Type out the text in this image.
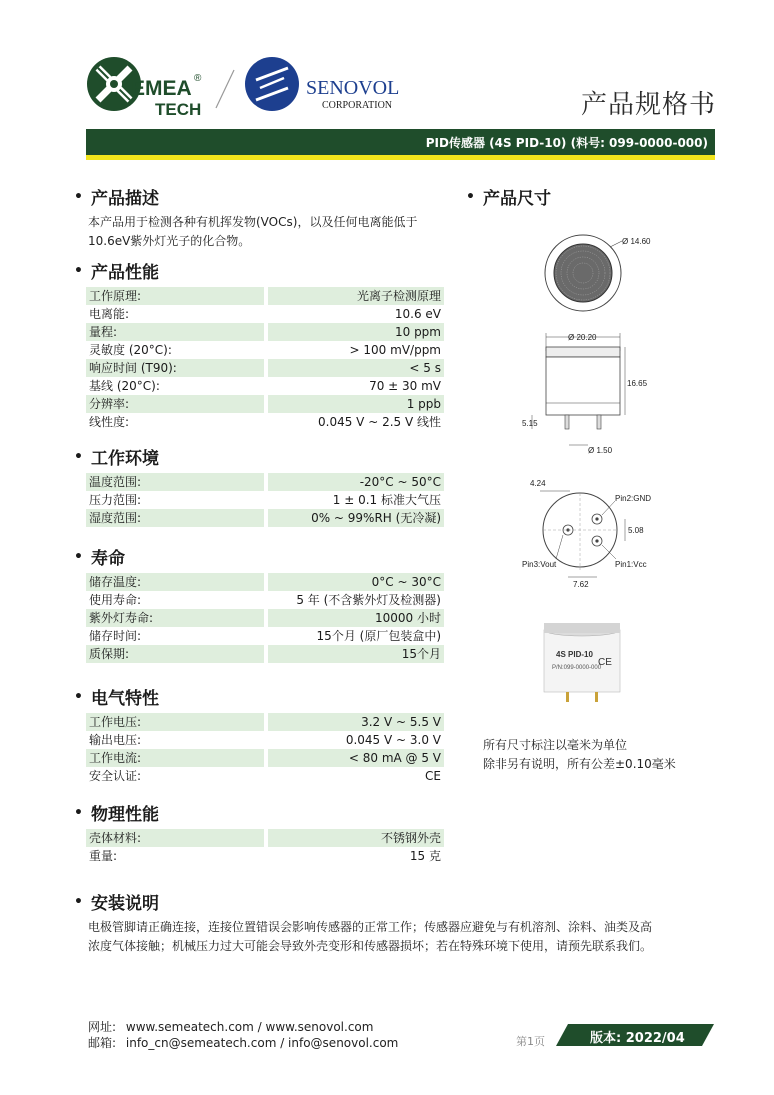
EMEA
TECH
®	SENOVOL
CORPORATION	产品规格书
PID传感器 (4S PID-10) (料号: 099-0000-000)
• 产品描述
本产品用于检测各种有机挥发物(VOCs)，以及任何电离能低于
10.6eV紫外灯光子的化合物。
• 产品性能
工作原理:		光离子检测原理
电离能:		10.6 eV
量程:		10 ppm
灵敏度 (20°C):		> 100 mV/ppm
响应时间 (T90):		< 5 s
基线 (20°C):		70 ± 30 mV
分辨率:		1 ppb
线性度:		0.045 V ~ 2.5 V 线性
• 工作环境
温度范围:		-20°C ~ 50°C
压力范围:		1 ± 0.1 标准大气压
湿度范围:		0% ~ 99%RH (无冷凝)
• 寿命
储存温度:		0°C ~ 30°C
使用寿命:		5 年 (不含紫外灯及检测器)
紫外灯寿命:		10000 小时
储存时间:		15个月 (原厂包装盒中)
质保期:		15个月
• 电气特性
工作电压:		3.2 V ~ 5.5 V
输出电压:		0.045 V ~ 3.0 V
工作电流:		< 80 mA @ 5 V
安全认证:		CE
• 物理性能
壳体材料:		不锈钢外壳
重量:		15 克
• 安装说明
电极管脚请正确连接，连接位置错误会影响传感器的正常工作；传感器应避免与有机溶剂、涂料、油类及高
浓度气体接触；机械压力过大可能会导致外壳变形和传感器损坏；若在特殊环境下使用，请预先联系我们。
• 产品尺寸
Ø 14.60
Ø 20.20
16.65
5.15
Ø 1.50
4.24
Pin2:GND
5.08
Pin3:Vout	Pin1:Vcc
7.62
4S PID-10
P/N:099-0000-000
CE
所有尺寸标注以毫米为单位
除非另有说明，所有公差±0.10毫米
网址: www.semeatech.com / www.senovol.com
邮箱: info_cn@semeatech.com / info@senovol.com	第1页	版本: 2022/04
